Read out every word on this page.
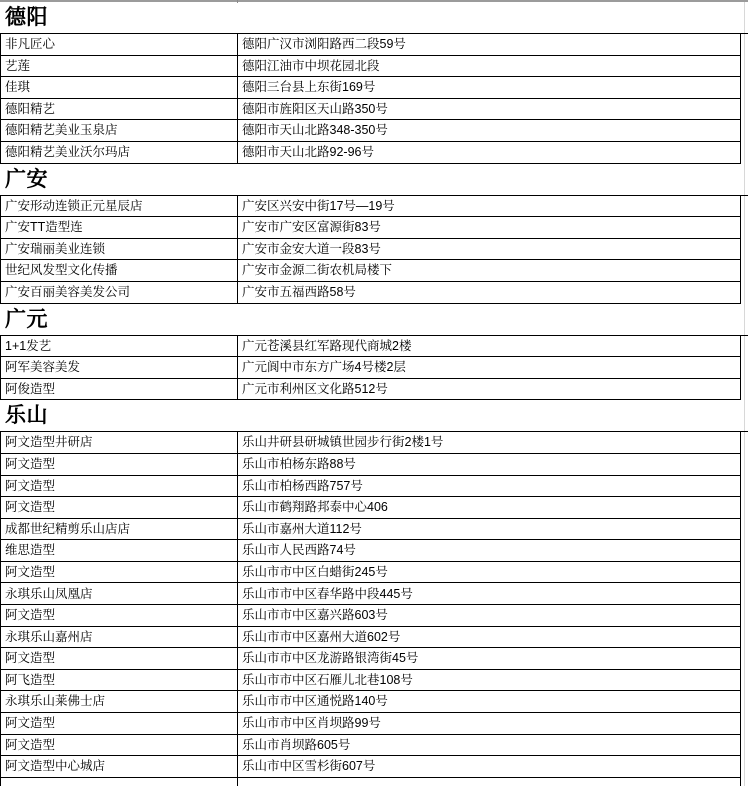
德阳
非凡匠心	德阳广汉市浏阳路西二段59号
艺莲	德阳江油市中坝花园北段
佳琪	德阳三台县上东街169号
德阳精艺	德阳市旌阳区天山路350号
德阳精艺美业玉泉店	德阳市天山北路348-350号
德阳精艺美业沃尔玛店	德阳市天山北路92-96号
广安
广安形动连锁正元星辰店	广安区兴安中街17号—19号
广安TT造型连	广安市广安区富源街83号
广安瑞丽美业连锁	广安市金安大道一段83号
世纪风发型文化传播	广安市金源二街农机局楼下
广安百丽美容美发公司	广安市五福西路58号
广元
1+1发艺	广元苍溪县红军路现代商城2楼
阿军美容美发	广元阆中市东方广场4号楼2层
阿俊造型	广元市利州区文化路512号
乐山
阿文造型井研店	乐山井研县研城镇世园步行街2楼1号
阿文造型	乐山市柏杨东路88号
阿文造型	乐山市柏杨西路757号
阿文造型	乐山市鹤翔路邦泰中心406
成都世纪精剪乐山店店	乐山市嘉州大道112号
维思造型	乐山市人民西路74号
阿文造型	乐山市市中区白蜡街245号
永琪乐山凤凰店	乐山市市中区春华路中段445号
阿文造型	乐山市市中区嘉兴路603号
永琪乐山嘉州店	乐山市市中区嘉州大道602号
阿文造型	乐山市市中区龙游路银湾街45号
阿飞造型	乐山市市中区石雁儿北巷108号
永琪乐山莱佛士店	乐山市市中区通悦路140号
阿文造型	乐山市市中区肖坝路99号
阿文造型	乐山市肖坝路605号
阿文造型中心城店	乐山市中区雪杉街607号
